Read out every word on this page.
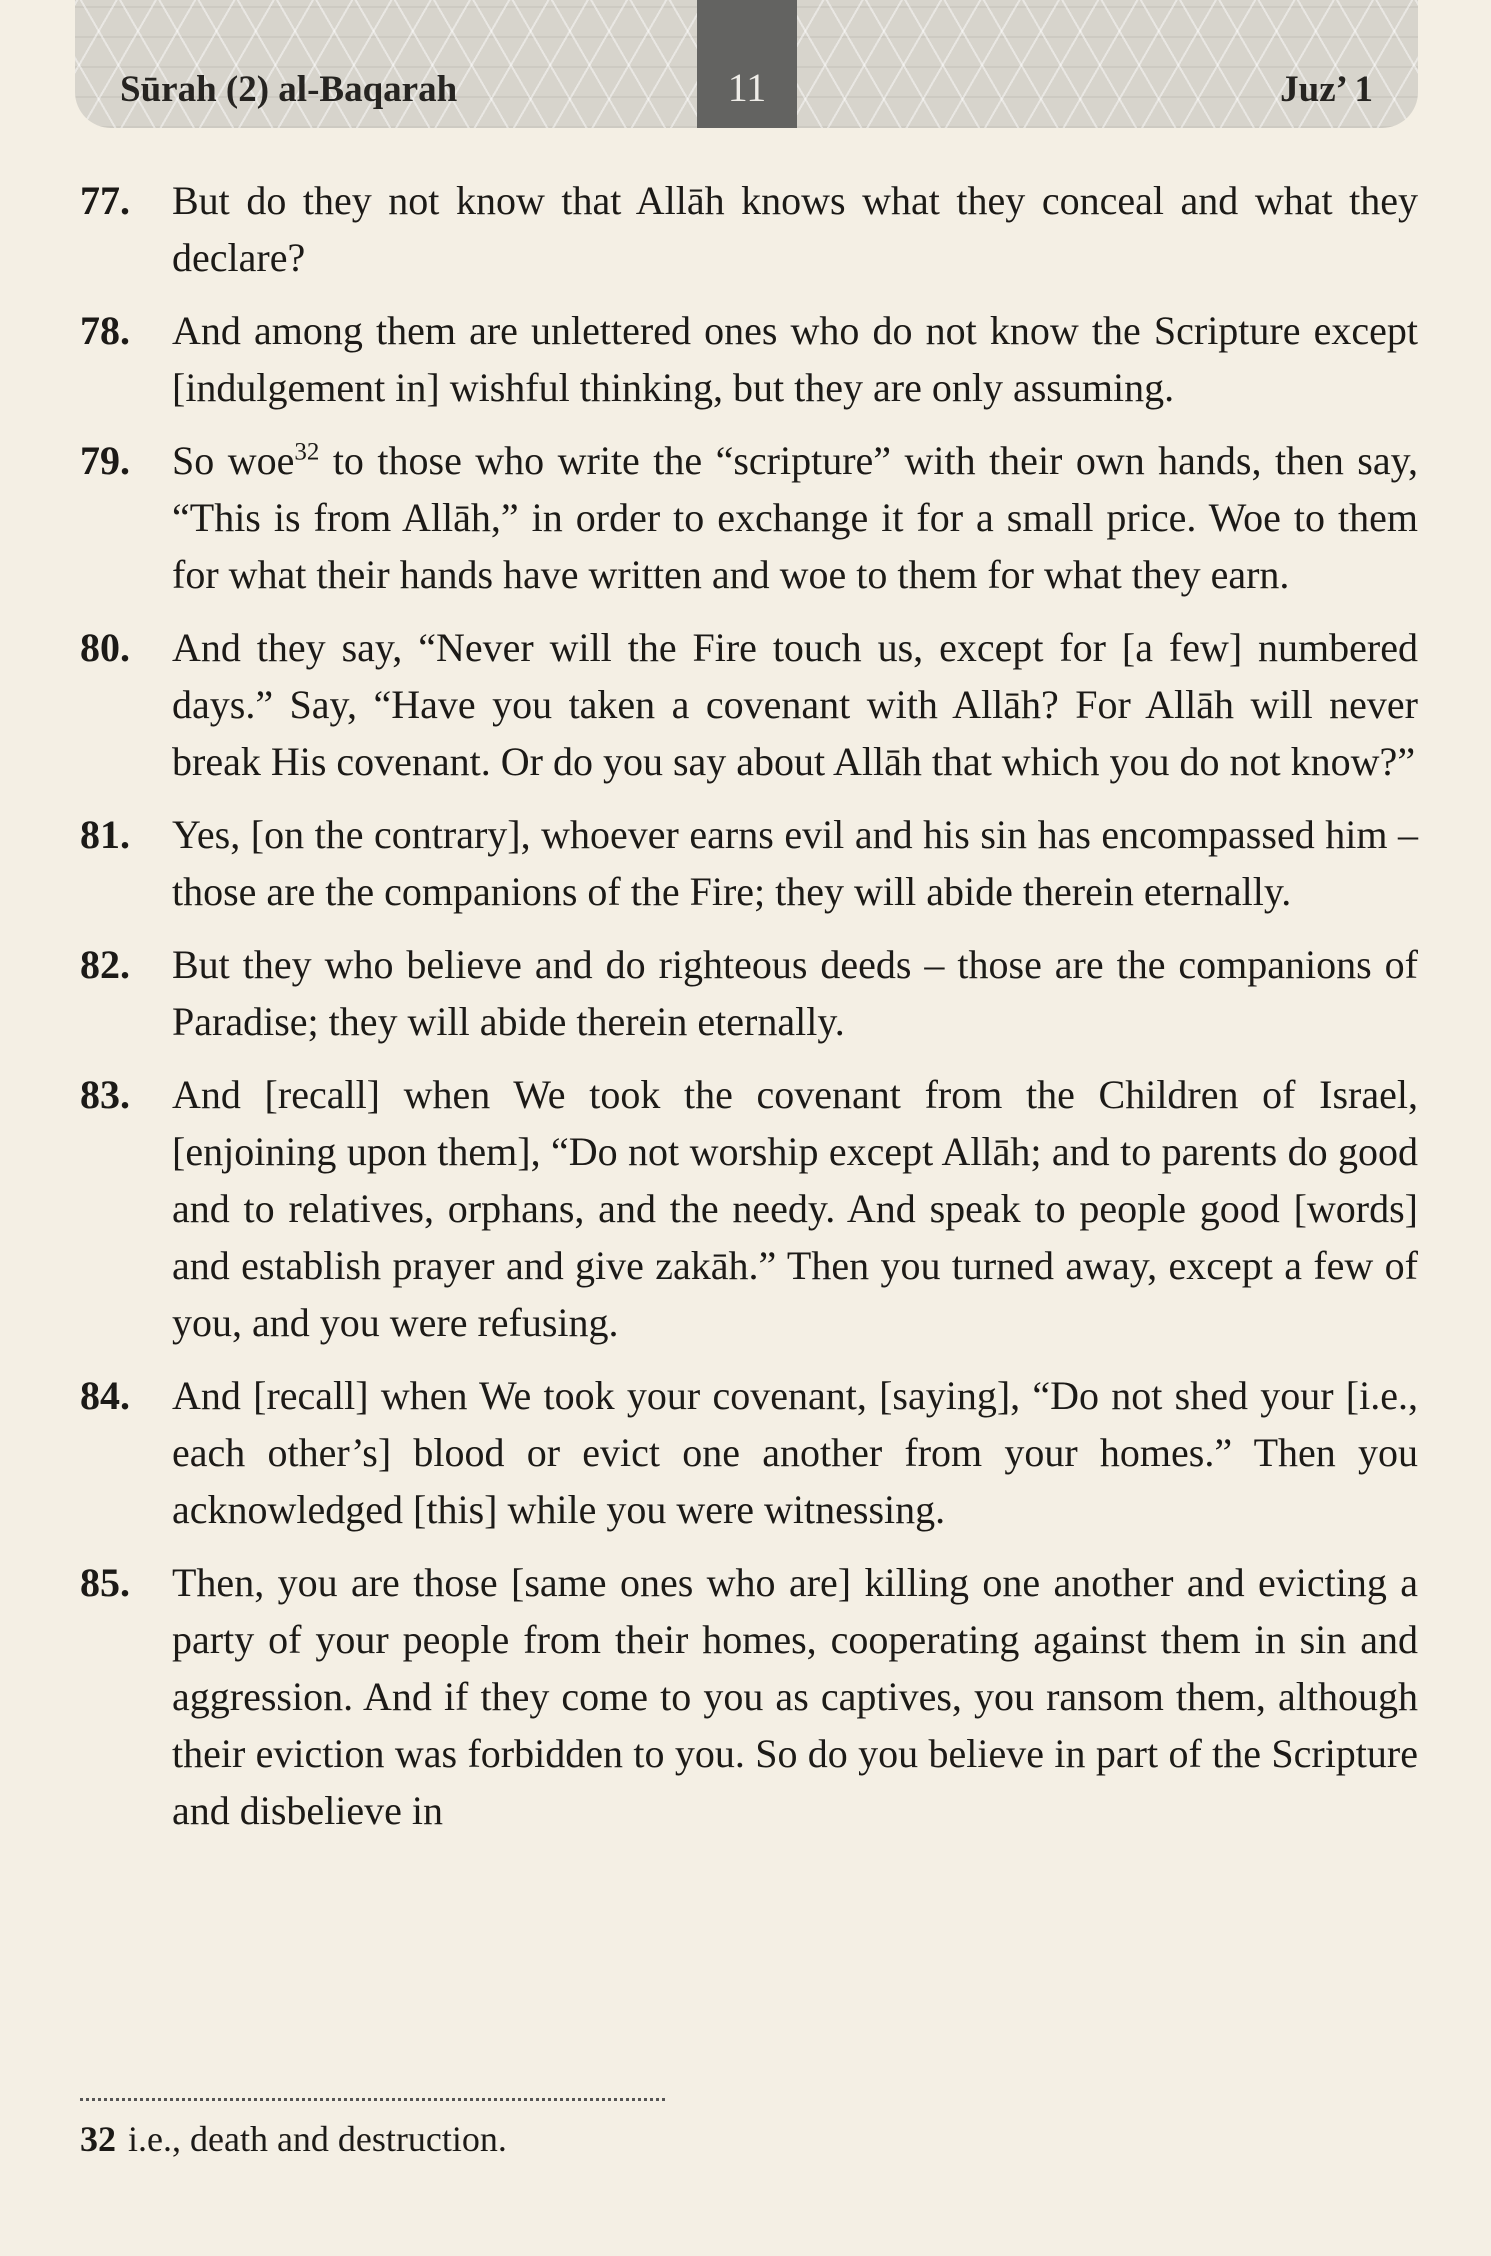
Sūrah (2) al-Baqarah	Juz’ 1
11
77. But do they not know that Allāh knows what they conceal and what they declare?
78. And among them are unlettered ones who do not know the Scripture except [indulgement in] wishful thinking, but they are only assuming.
79. So woe$^{32}$ to those who write the “scripture” with their own hands, then say, “This is from Allāh,” in order to exchange it for a small price. Woe to them for what their hands have written and woe to them for what they earn.
80. And they say, “Never will the Fire touch us, except for [a few] numbered days.” Say, “Have you taken a covenant with Allāh? For Allāh will never break His covenant. Or do you say about Allāh that which you do not know?”
81. Yes, [on the contrary], whoever earns evil and his sin has encompassed him – those are the companions of the Fire; they will abide therein eternally.
82. But they who believe and do righteous deeds – those are the companions of Paradise; they will abide therein eternally.
83. And [recall] when We took the covenant from the Children of Israel, [enjoining upon them], “Do not worship except Allāh; and to parents do good and to relatives, orphans, and the needy. And speak to people good [words] and establish prayer and give zakāh.” Then you turned away, except a few of you, and you were refusing.
84. And [recall] when We took your covenant, [saying], “Do not shed your [i.e., each other’s] blood or evict one another from your homes.” Then you acknowledged [this] while you were witnessing.
85. Then, you are those [same ones who are] killing one another and evicting a party of your people from their homes, cooperating against them in sin and aggression. And if they come to you as captives, you ransom them, although their eviction was forbidden to you. So do you believe in part of the Scripture and disbelieve in
32 i.e., death and destruction.
